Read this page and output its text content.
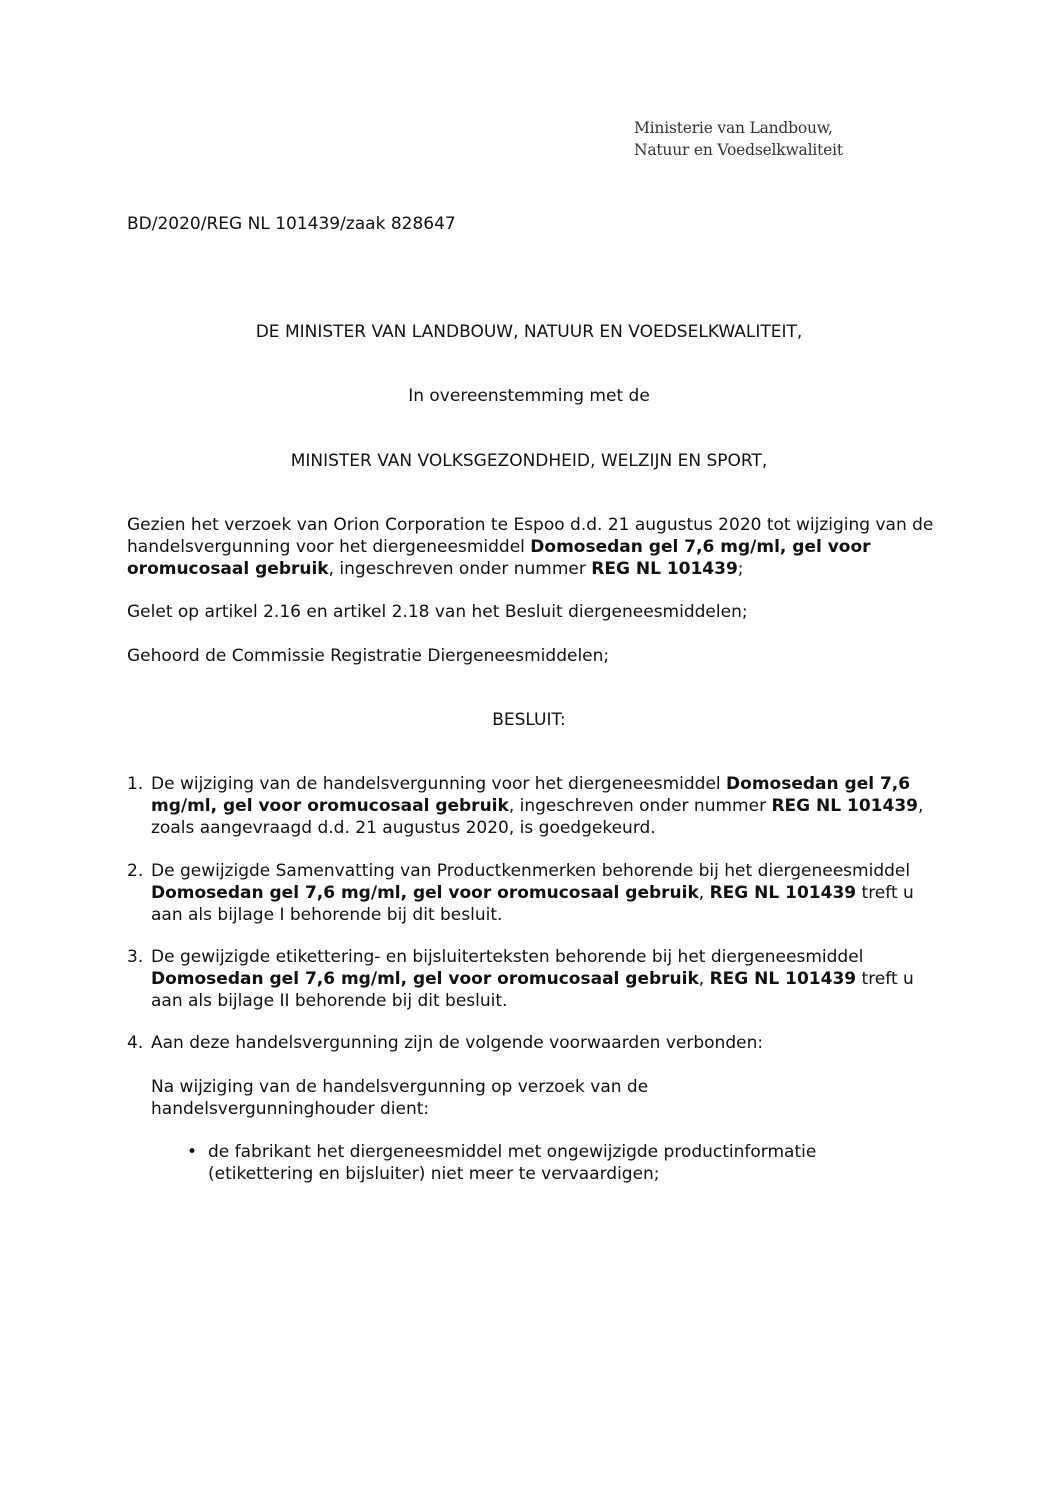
Ministerie van Landbouw,
Natuur en Voedselkwaliteit
BD/2020/REG NL 101439/zaak 828647
DE MINISTER VAN LANDBOUW, NATUUR EN VOEDSELKWALITEIT,
In overeenstemming met de
MINISTER VAN VOLKSGEZONDHEID, WELZIJN EN SPORT,

Gezien het verzoek van Orion Corporation te Espoo d.d. 21 augustus 2020 tot wijziging van de handelsvergunning voor het diergeneesmiddel Domosedan gel 7,6 mg/ml, gel voor oromucosaal gebruik, ingeschreven onder nummer REG NL 101439;

Gelet op artikel 2.16 en artikel 2.18 van het Besluit diergeneesmiddelen;
Gehoord de Commissie Registratie Diergeneesmiddelen;
BESLUIT:
1. De wijziging van de handelsvergunning voor het diergeneesmiddel Domosedan gel 7,6 mg/ml, gel voor oromucosaal gebruik, ingeschreven onder nummer REG NL 101439, zoals aangevraagd d.d. 21 augustus 2020, is goedgekeurd.
2. De gewijzigde Samenvatting van Productkenmerken behorende bij het diergeneesmiddel Domosedan gel 7,6 mg/ml, gel voor oromucosaal gebruik, REG NL 101439 treft u aan als bijlage I behorende bij dit besluit.
3. De gewijzigde etikettering- en bijsluiterteksten behorende bij het diergeneesmiddel Domosedan gel 7,6 mg/ml, gel voor oromucosaal gebruik, REG NL 101439 treft u aan als bijlage II behorende bij dit besluit.
4. Aan deze handelsvergunning zijn de volgende voorwaarden verbonden:
Na wijziging van de handelsvergunning op verzoek van de handelsvergunninghouder dient:
• de fabrikant het diergeneesmiddel met ongewijzigde productinformatie (etikettering en bijsluiter) niet meer te vervaardigen;
